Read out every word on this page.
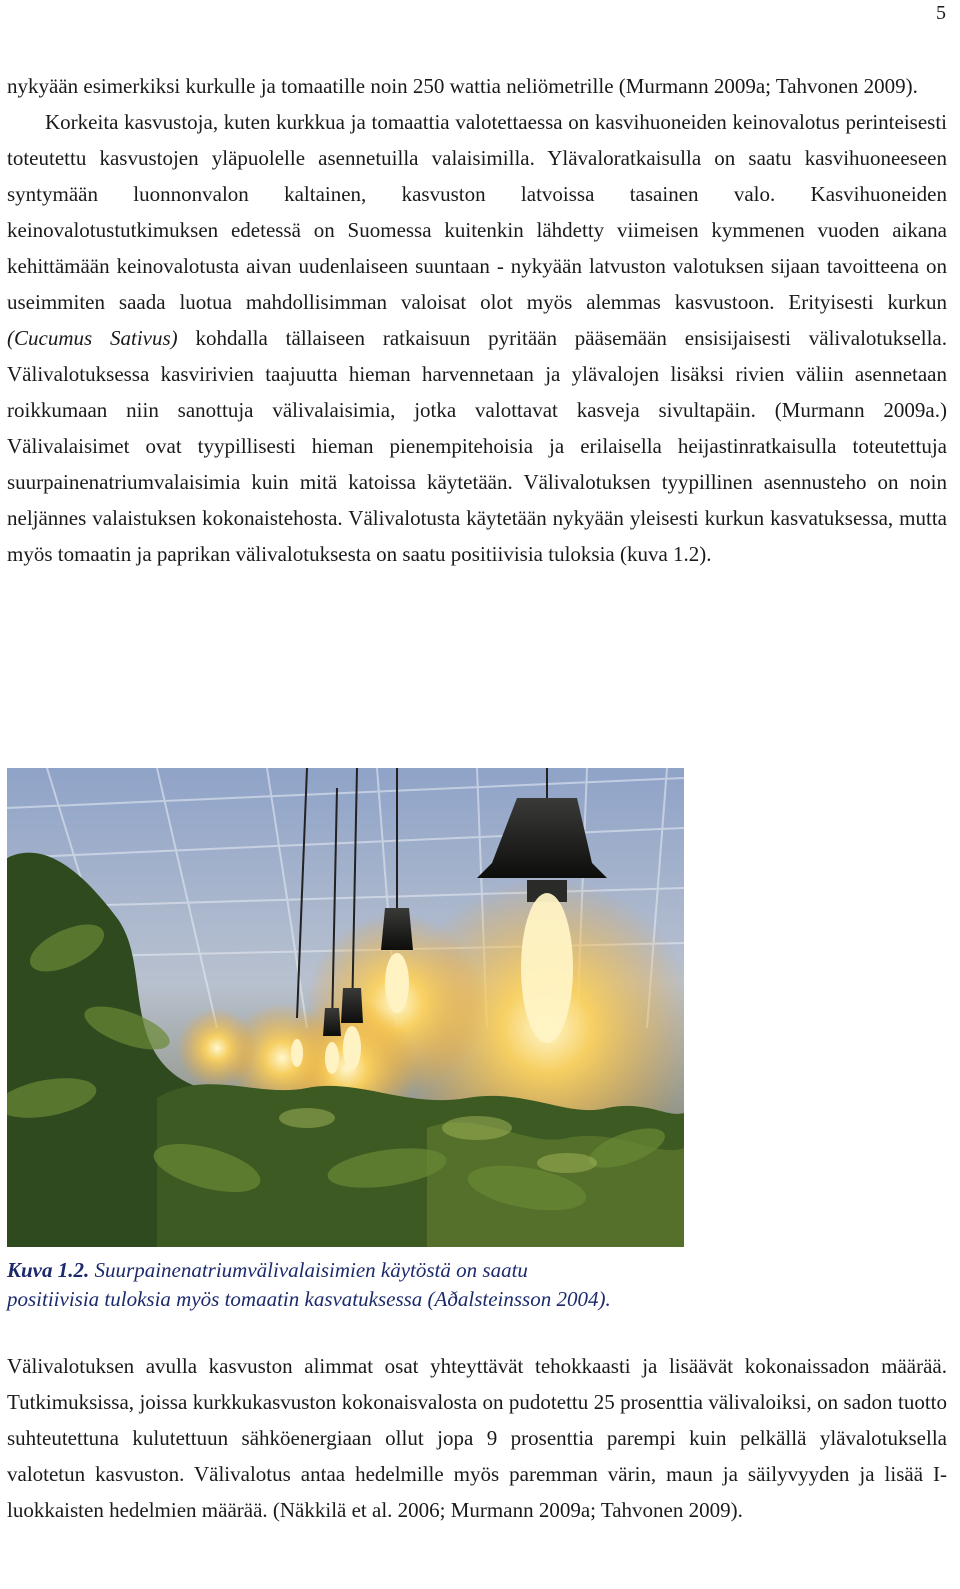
5

nykyään esimerkiksi kurkulle ja tomaatille noin 250 wattia neliömetrille (Murmann 2009a; Tahvonen 2009).
Korkeita kasvustoja, kuten kurkkua ja tomaattia valotettaessa on kasvihuoneiden keinovalotus perinteisesti toteutettu kasvustojen yläpuolelle asennetuilla valaisimilla. Ylävaloratkaisulla on saatu kasvihuoneeseen syntymään luonnonvalon kaltainen, kasvuston latvoissa tasainen valo. Kasvihuoneiden keinovalotustutkimuksen edetessä on Suomessa kuitenkin lähdetty viimeisen kymmenen vuoden aikana kehittämään keinovalotusta aivan uudenlaiseen suuntaan - nykyään latvuston valotuksen sijaan tavoitteena on useimmiten saada luotua mahdollisimman valoisat olot myös alemmas kasvustoon. Erityisesti kurkun (Cucumus Sativus) kohdalla tällaiseen ratkaisuun pyritään pääsemään ensisijaisesti välivalotuksella. Välivalotuksessa kasvirivien taajuutta hieman harvennetaan ja ylävalojen lisäksi rivien väliin asennetaan roikkumaan niin sanottuja välivalaisimia, jotka valottavat kasveja sivultapäin. (Murmann 2009a.) Välivalaisimet ovat tyypillisesti hieman pienempitehoisia ja erilaisella heijastinratkaisulla toteutettuja suurpainenatriumvalaisimia kuin mitä katoissa käytetään. Välivalotuksen tyypillinen asennusteho on noin neljännes valaistuksen kokonaistehosta. Välivalotusta käytetään nykyään yleisesti kurkun kasvatuksessa, mutta myös tomaatin ja paprikan välivalotuksesta on saatu positiivisia tuloksia (kuva 1.2).

Kuva 1.2. Suurpainenatriumvälivalaisimien käytöstä on saatu
positiivisia tuloksia myös tomaatin kasvatuksessa (Aðalsteinsson 2004).

Välivalotuksen avulla kasvuston alimmat osat yhteyttävät tehokkaasti ja lisäävät kokonaissadon määrää. Tutkimuksissa, joissa kurkkukasvuston kokonaisvalosta on pudotettu 25 prosenttia välivaloiksi, on sadon tuotto suhteutettuna kulutettuun sähköenergiaan ollut jopa 9 prosenttia parempi kuin pelkällä ylävalotuksella valotetun kasvuston. Välivalotus antaa hedelmille myös paremman värin, maun ja säilyvyyden ja lisää I-luokkaisten hedelmien määrää. (Näkkilä et al. 2006; Murmann 2009a; Tahvonen 2009).
